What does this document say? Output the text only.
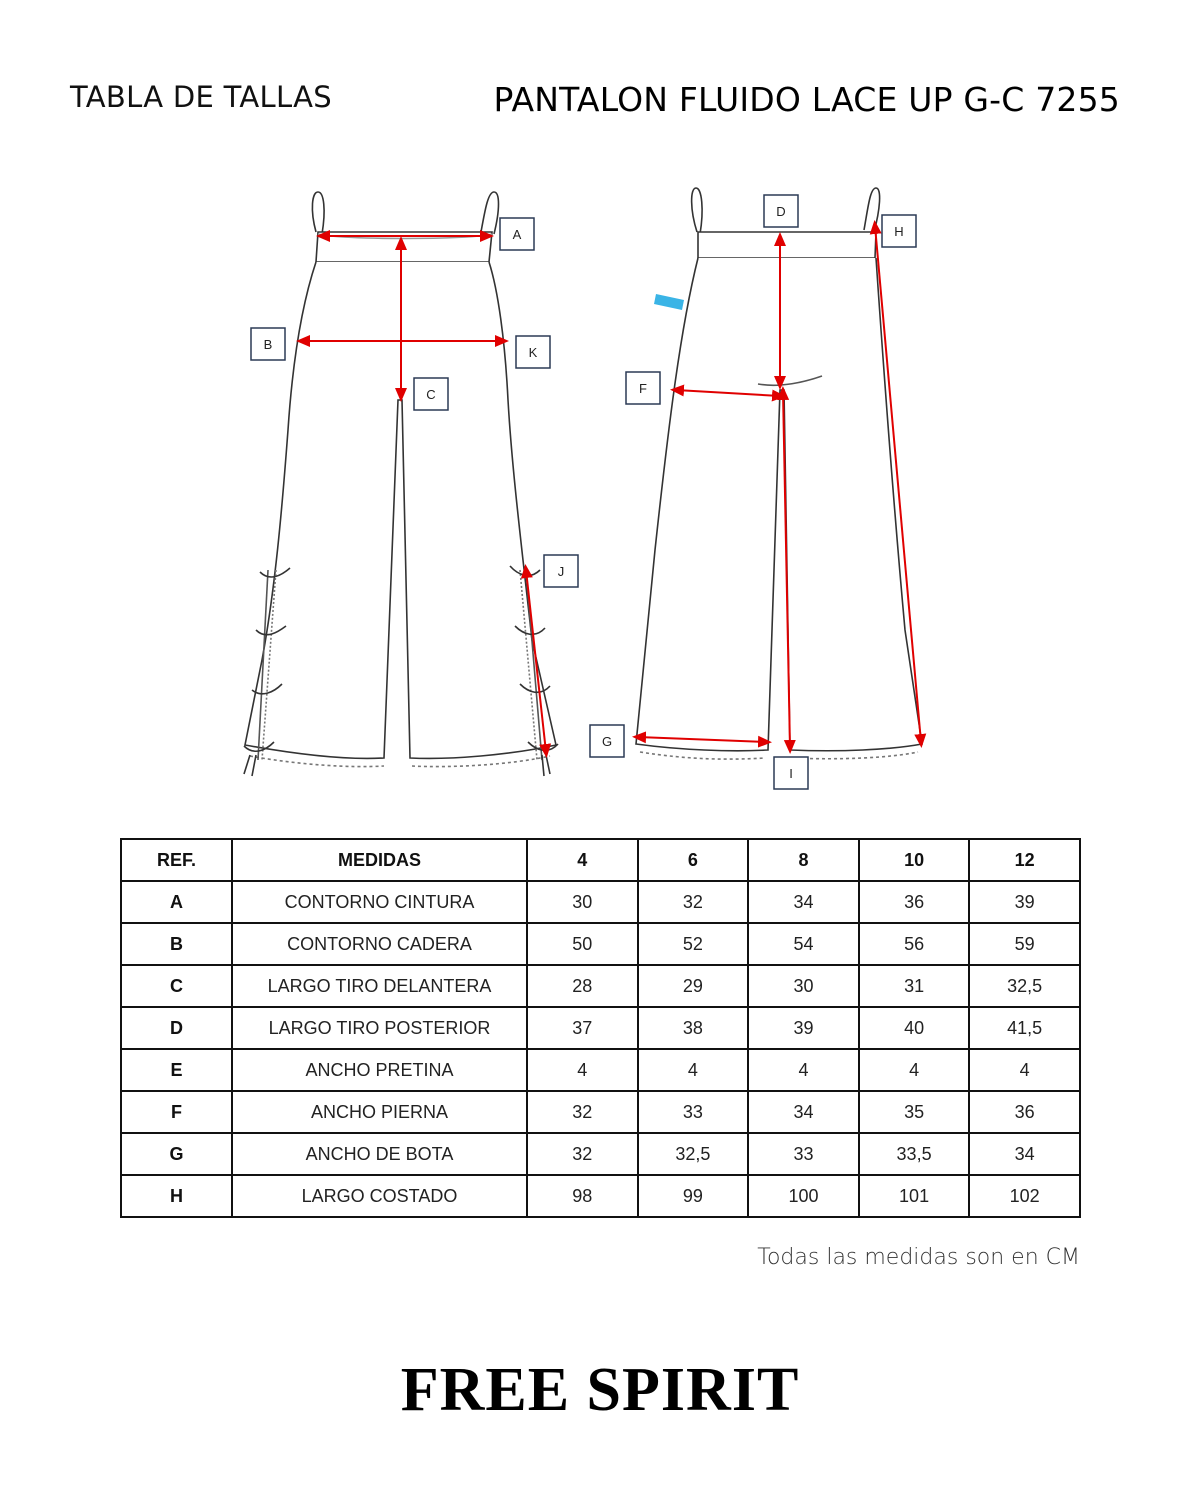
TABLA DE TALLAS	PANTALON FLUIDO LACE UP G-C 7255
A
B
C
K
J
D
H
F
G
I
REF.	MEDIDAS	4	6	8	10	12
A	CONTORNO CINTURA	30	32	34	36	39
B	CONTORNO CADERA	50	52	54	56	59
C	LARGO TIRO DELANTERA	28	29	30	31	32,5
D	LARGO TIRO POSTERIOR	37	38	39	40	41,5
E	ANCHO PRETINA	4	4	4	4	4
F	ANCHO PIERNA	32	33	34	35	36
G	ANCHO DE BOTA	32	32,5	33	33,5	34
H	LARGO COSTADO	98	99	100	101	102
Todas las medidas son en CM
FREE SPIRIT
